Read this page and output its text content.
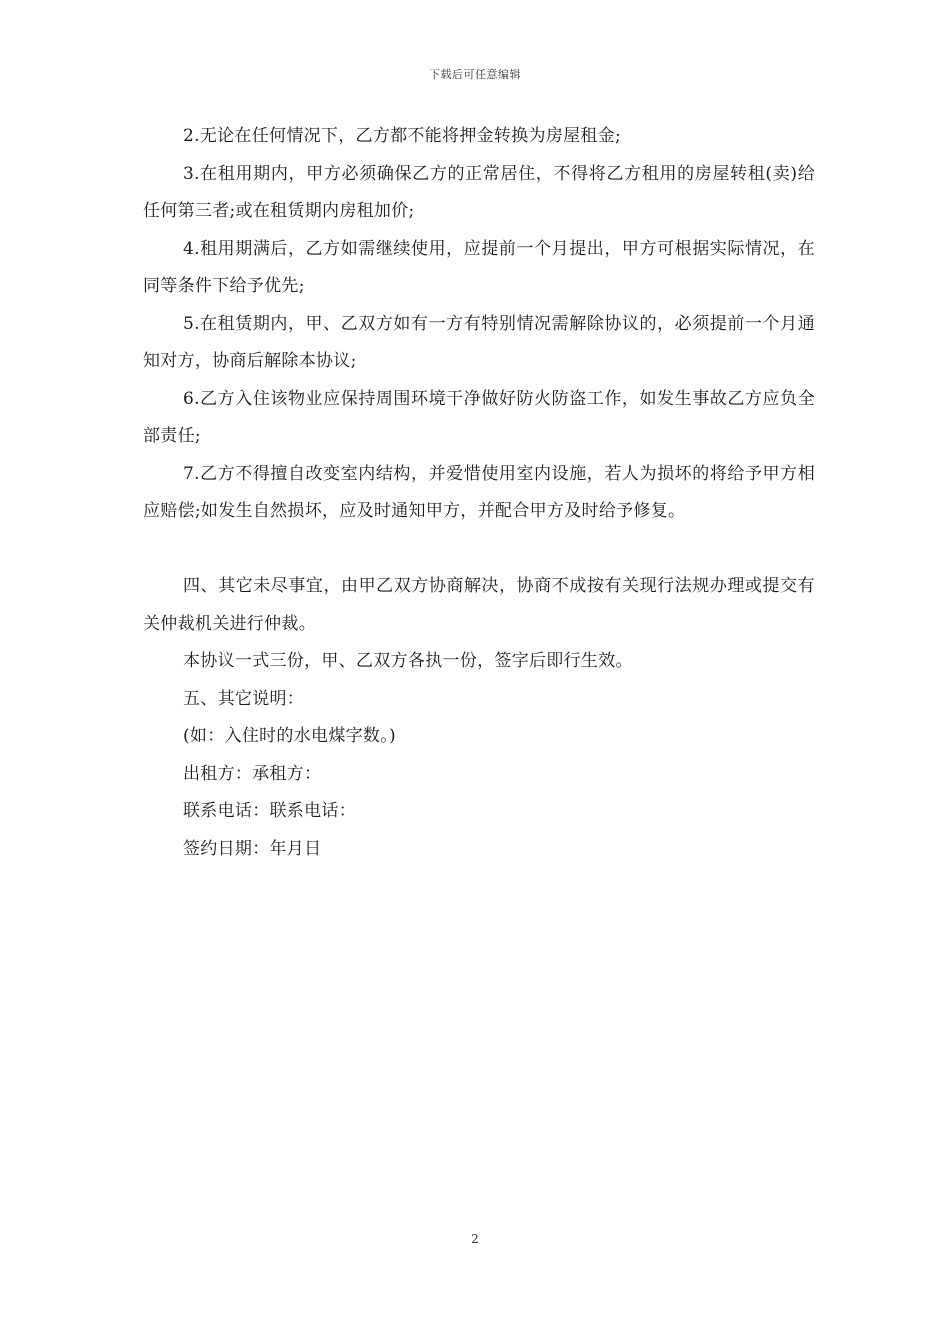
下载后可任意编辑

2.无论在任何情况下，乙方都不能将押金转换为房屋租金;

3.在租用期内，甲方必须确保乙方的正常居住，不得将乙方租用的房屋转租(卖)给任何第三者;或在租赁期内房租加价;

4.租用期满后，乙方如需继续使用，应提前一个月提出，甲方可根据实际情况，在同等条件下给予优先;

5.在租赁期内，甲、乙双方如有一方有特别情况需解除协议的，必须提前一个月通知对方，协商后解除本协议;

6.乙方入住该物业应保持周围环境干净做好防火防盗工作，如发生事故乙方应负全部责任;

7.乙方不得擅自改变室内结构，并爱惜使用室内设施，若人为损坏的将给予甲方相应赔偿;如发生自然损坏，应及时通知甲方，并配合甲方及时给予修复。

四、其它未尽事宜，由甲乙双方协商解决，协商不成按有关现行法规办理或提交有关仲裁机关进行仲裁。

本协议一式三份，甲、乙双方各执一份，签字后即行生效。

五、其它说明：

(如：入住时的水电煤字数。)

出租方：承租方：

联系电话：联系电话：

签约日期：年月日

2
